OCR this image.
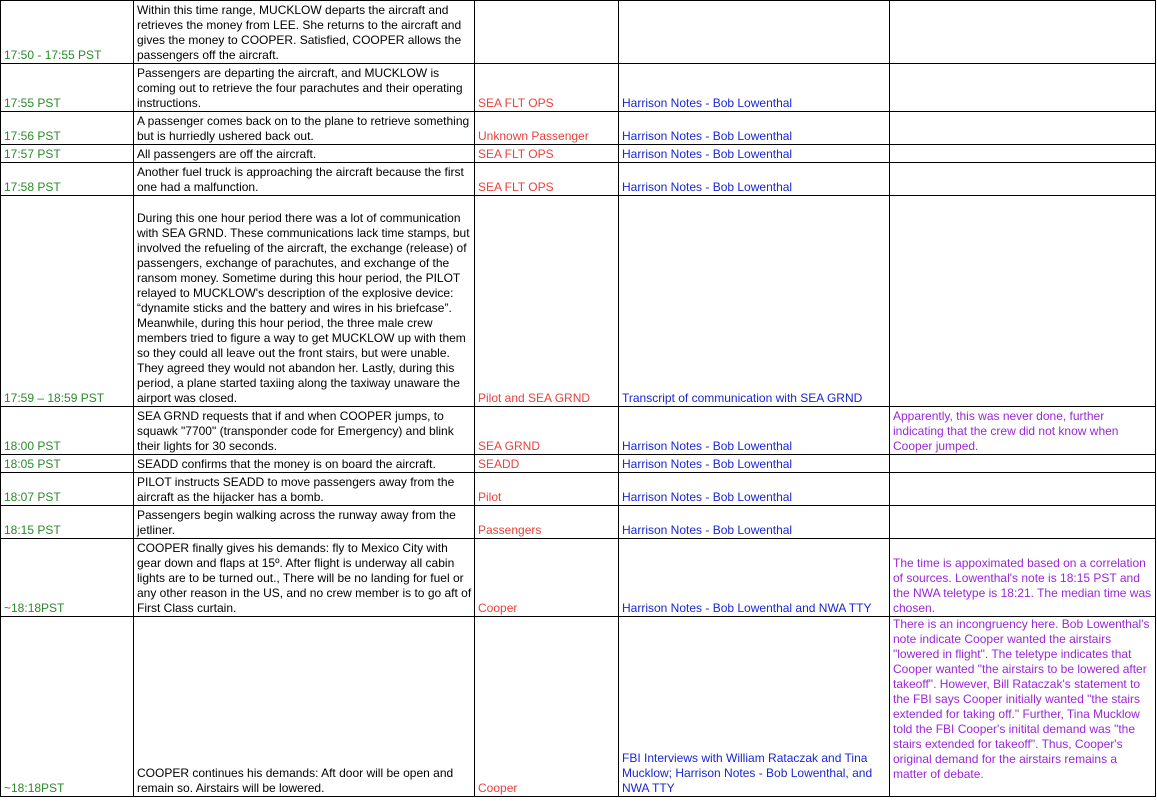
17:50 - 17:55 PST	Within this time range, MUCKLOW departs the aircraft and retrieves the money from LEE. She returns to the aircraft and gives the money to COOPER. Satisfied, COOPER allows the passengers off the aircraft.			
17:55 PST	Passengers are departing the aircraft, and MUCKLOW is coming out to retrieve the four parachutes and their operating instructions.	SEA FLT OPS	Harrison Notes - Bob Lowenthal	
17:56 PST	A passenger comes back on to the plane to retrieve something but is hurriedly ushered back out.	Unknown Passenger	Harrison Notes - Bob Lowenthal	
17:57 PST	All passengers are off the aircraft.	SEA FLT OPS	Harrison Notes - Bob Lowenthal	
17:58 PST	Another fuel truck is approaching the aircraft because the first one had a malfunction.	SEA FLT OPS	Harrison Notes - Bob Lowenthal	
17:59 – 18:59 PST	During this one hour period there was a lot of communication with SEA GRND. These communications lack time stamps, but involved the refueling of the aircraft, the exchange (release) of passengers, exchange of parachutes, and exchange of the ransom money. Sometime during this hour period, the PILOT relayed to MUCKLOW's description of the explosive device: “dynamite sticks and the battery and wires in his briefcase”. Meanwhile, during this hour period, the three male crew members tried to figure a way to get MUCKLOW up with them so they could all leave out the front stairs, but were unable. They agreed they would not abandon her. Lastly, during this period, a plane started taxiing along the taxiway unaware the airport was closed.	Pilot and SEA GRND	Transcript of communication with SEA GRND	
18:00 PST	SEA GRND requests that if and when COOPER jumps, to squawk "7700" (transponder code for Emergency) and blink their lights for 30 seconds.	SEA GRND	Harrison Notes - Bob Lowenthal	Apparently, this was never done, further indicating that the crew did not know when Cooper jumped.
18:05 PST	SEADD confirms that the money is on board the aircraft.	SEADD	Harrison Notes - Bob Lowenthal	
18:07 PST	PILOT instructs SEADD to move passengers away from the aircraft as the hijacker has a bomb.	Pilot	Harrison Notes - Bob Lowenthal	
18:15 PST	Passengers begin walking across the runway away from the jetliner.	Passengers	Harrison Notes - Bob Lowenthal	
~18:18PST	COOPER finally gives his demands: fly to Mexico City with gear down and flaps at 15º. After flight is underway all cabin lights are to be turned out., There will be no landing for fuel or any other reason in the US, and no crew member is to go aft of First Class curtain.	Cooper	Harrison Notes - Bob Lowenthal and NWA TTY	The time is appoximated based on a correlation of sources. Lowenthal's note is 18:15 PST and the NWA teletype is 18:21. The median time was chosen.
~18:18PST	COOPER continues his demands: Aft door will be open and remain so. Airstairs will be lowered.	Cooper	FBI Interviews with William Rataczak and Tina Mucklow; Harrison Notes - Bob Lowenthal, and NWA TTY	There is an incongruency here. Bob Lowenthal's note indicate Cooper wanted the airstairs "lowered in flight". The teletype indicates that Cooper wanted "the airstairs to be lowered after takeoff". However, Bill Rataczak's statement to the FBI says Cooper initially wanted "the stairs extended for taking off." Further, Tina Mucklow told the FBI Cooper's initital demand was "the stairs extended for takeoff". Thus, Cooper's original demand for the airstairs remains a matter of debate.
